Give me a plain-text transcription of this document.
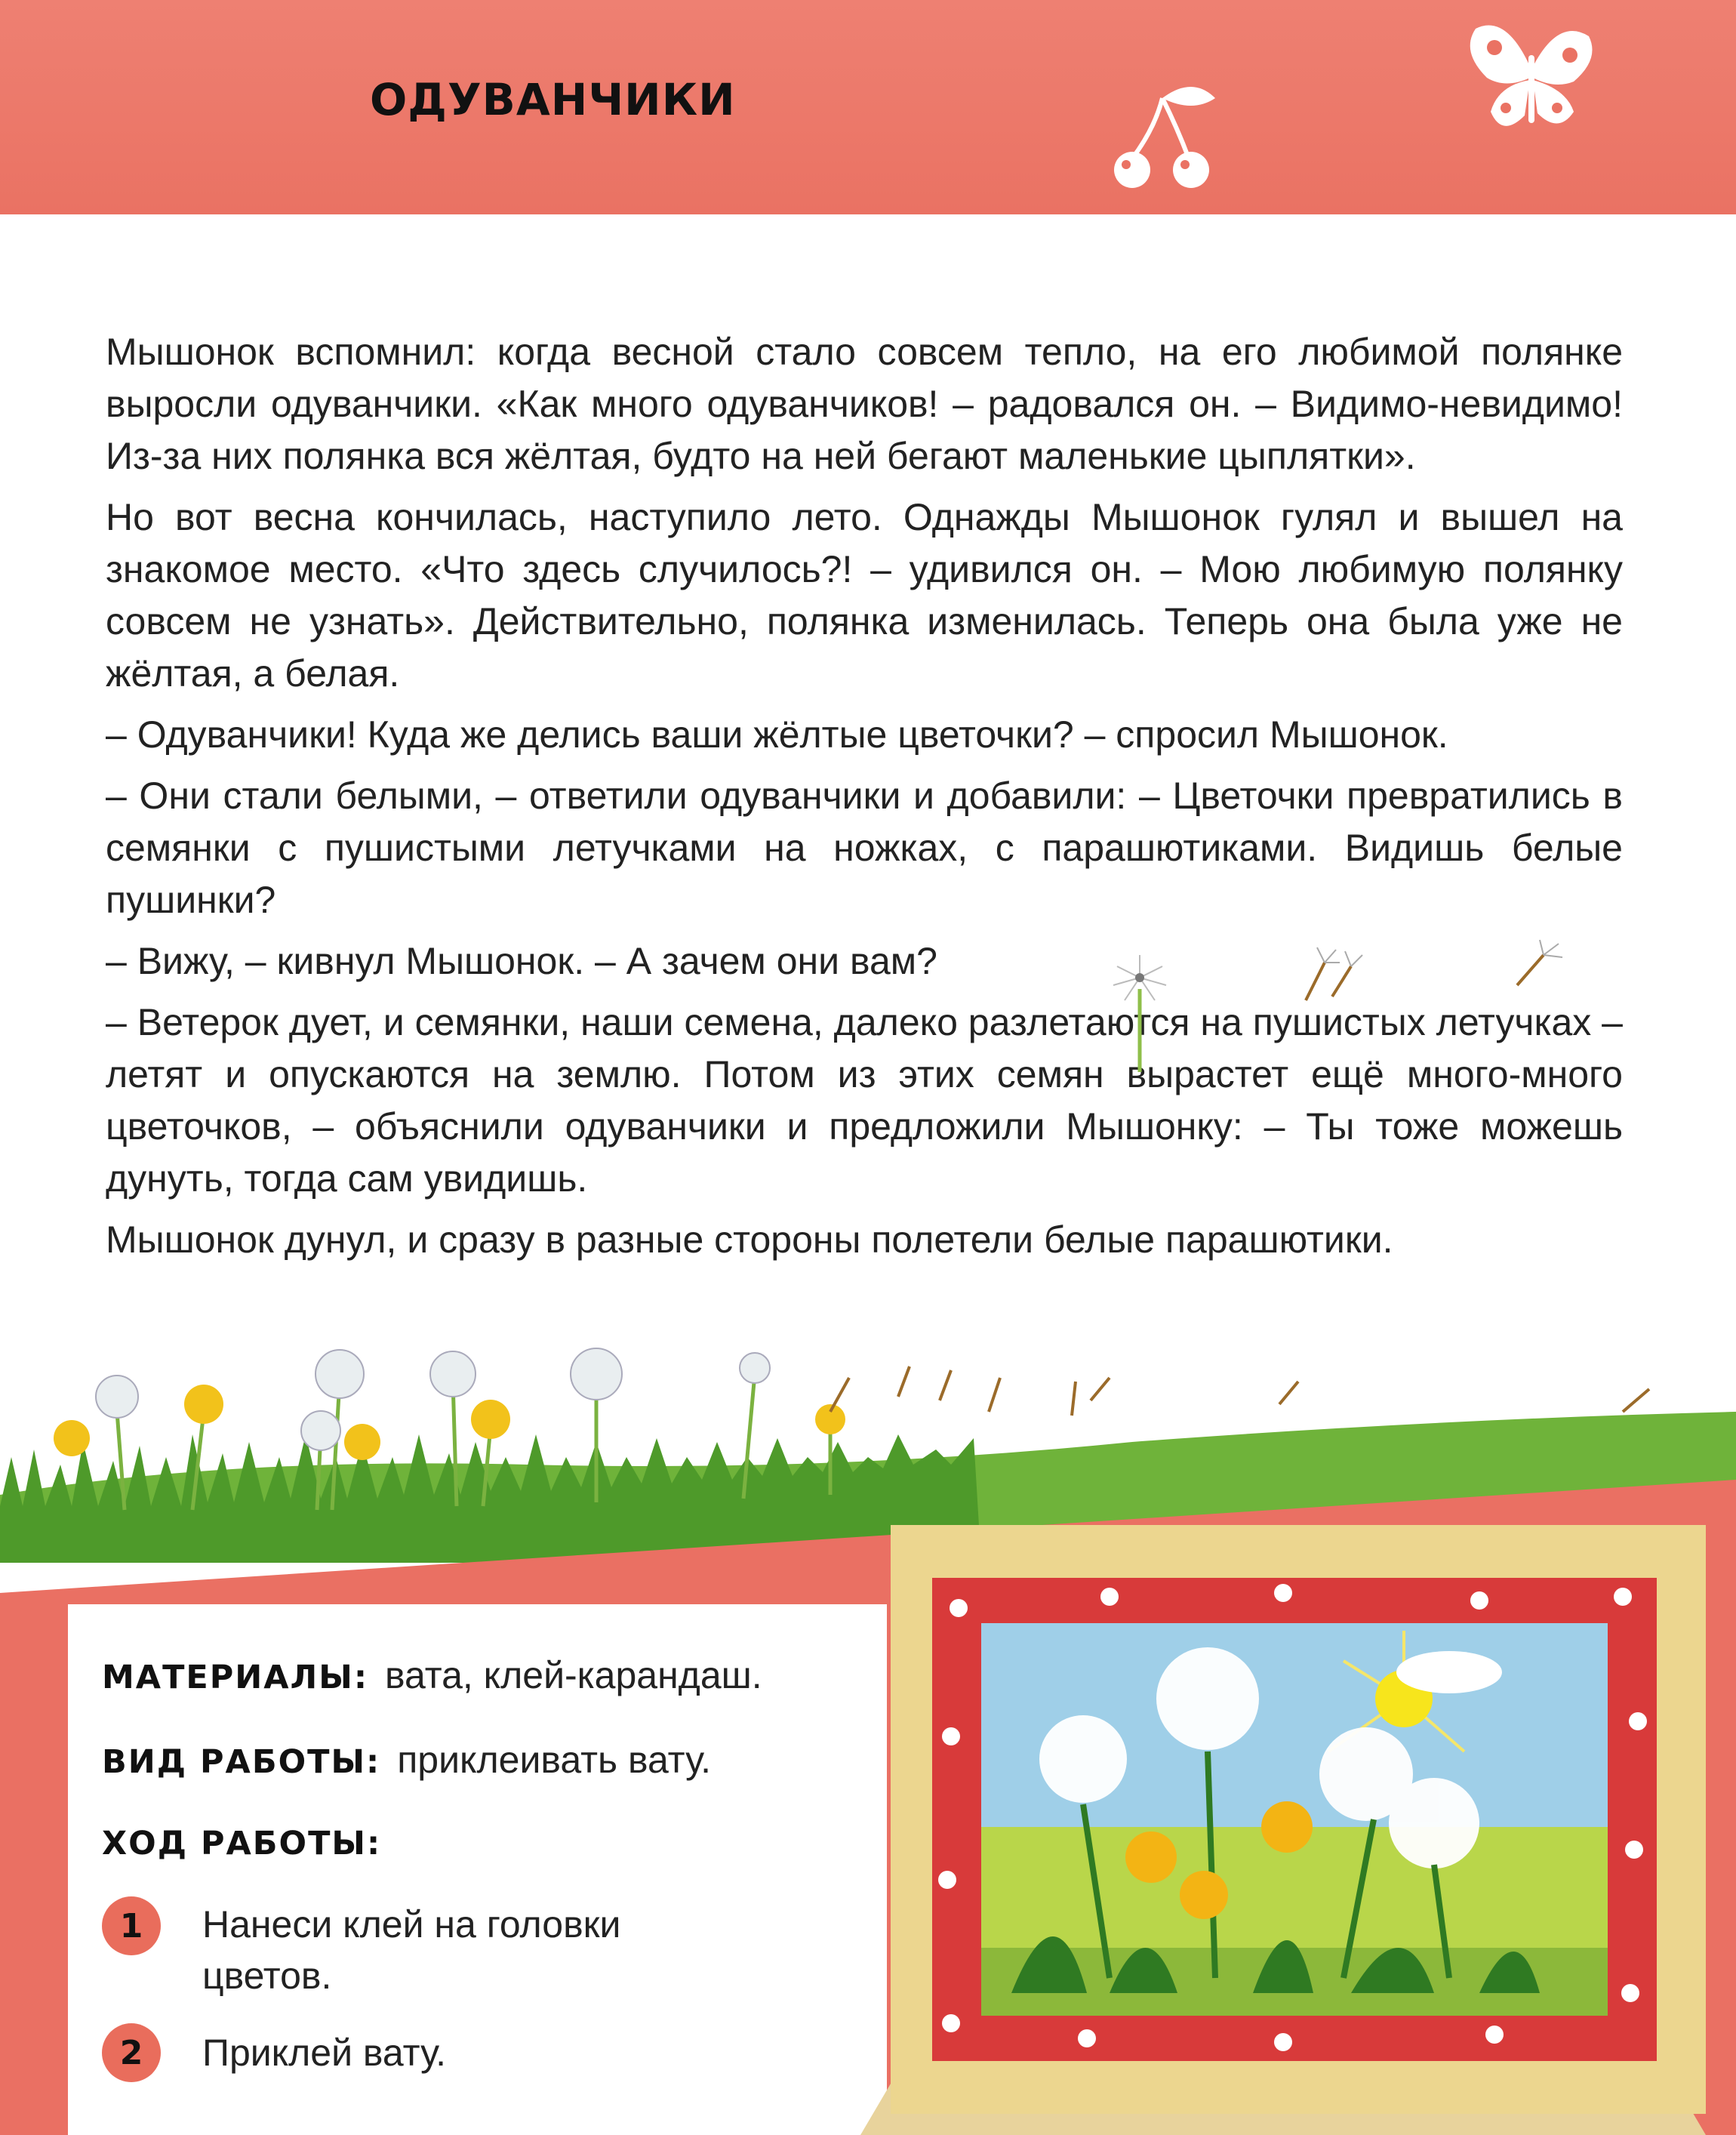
ОДУВАНЧИКИ

Мышонок вспомнил: когда весной стало совсем тепло, на его любимой полянке выросли одуванчики. «Как много одуванчиков! – радовался он. – Видимо-невидимо! Из-за них полянка вся жёлтая, будто на ней бегают маленькие цыплятки».

Но вот весна кончилась, наступило лето. Однажды Мышонок гулял и вышел на знакомое место. «Что здесь случилось?! – удивился он. – Мою любимую полянку совсем не узнать». Действительно, полянка изменилась. Теперь она была уже не жёлтая, а белая.

– Одуванчики! Куда же делись ваши жёлтые цветочки? – спросил Мышонок.

– Они стали белыми, – ответили одуванчики и добавили: – Цветочки превратились в семянки с пушистыми летучками на ножках, с парашютиками. Видишь белые пушинки?

– Вижу, – кивнул Мышонок. – А зачем они вам?

– Ветерок дует, и семянки, наши семена, далеко разлетаются на пушистых летучках – летят и опускаются на землю. Потом из этих семян вырастет ещё много-много цветочков, – объяснили одуванчики и предложили Мышонку: – Ты тоже можешь дунуть, тогда сам увидишь.

Мышонок дунул, и сразу в разные стороны полетели белые парашютики.

МАТЕРИАЛЫ: вата, клей-карандаш.
ВИД РАБОТЫ: приклеивать вату.
ХОД РАБОТЫ:
1	Нанеси клей на головки цветов.
2	Приклей вату.
